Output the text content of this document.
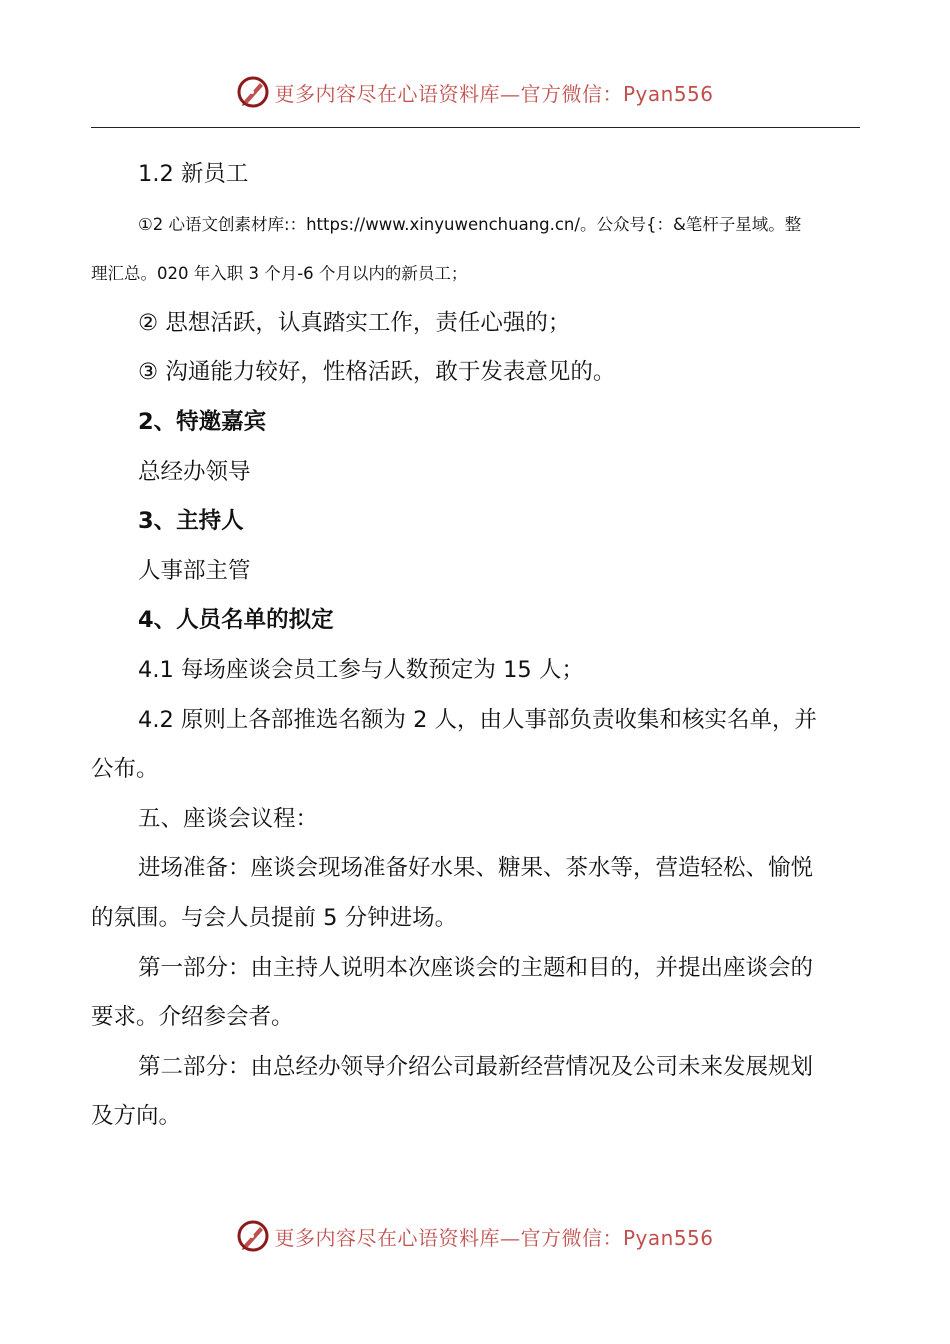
更多内容尽在心语资料库—官方微信：Pyan556

1.2 新员工

①2 心语文创素材库:：https://www.xinyuwenchuang.cn/。公众号{：&笔杆子星域。整

理汇总。020 年入职 3 个月-6 个月以内的新员工；

② 思想活跃，认真踏实工作，责任心强的；

③ 沟通能力较好，性格活跃，敢于发表意见的。

2、特邀嘉宾

总经办领导

3、主持人

人事部主管

4、人员名单的拟定

4.1 每场座谈会员工参与人数预定为 15 人；

4.2 原则上各部推选名额为 2 人，由人事部负责收集和核实名单，并

公布。

五、座谈会议程：

进场准备：座谈会现场准备好水果、糖果、茶水等，营造轻松、愉悦

的氛围。与会人员提前 5 分钟进场。

第一部分：由主持人说明本次座谈会的主题和目的，并提出座谈会的

要求。介绍参会者。

第二部分：由总经办领导介绍公司最新经营情况及公司未来发展规划

及方向。

更多内容尽在心语资料库—官方微信：Pyan556
